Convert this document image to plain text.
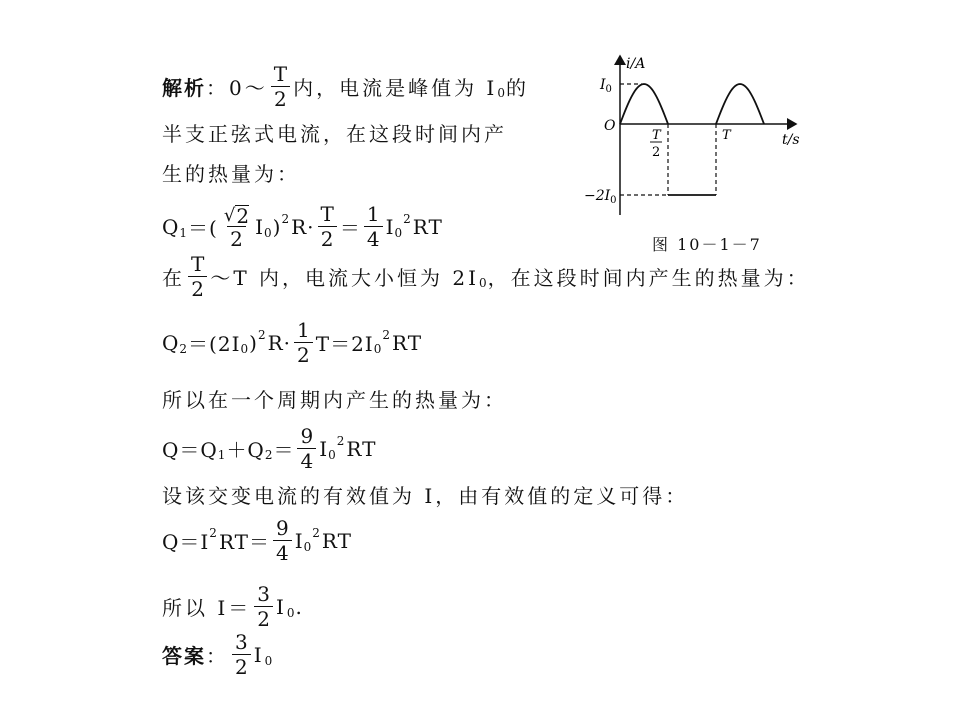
解析 ： 0～ $\frac{T}{2}$ 内，电流是峰值为 I 0 的
半支正弦式电流，在这段时间内产
生的热量为：
Q 1 ＝( $\frac{√ 2}{2}$ I 0 ) 2 $R\cdot \frac{T}{2} = \frac{1}{4}$ I 0
2 RT
在 $\frac{T}{2}$ ～T 内，电流大小恒为 2I 0 ，在这段时间内产生的热量为：
Q 2 ＝(2I 0 ) 2 $R\cdot \frac{1}{2} T=2I$ 0
2 RT
所以在一个周期内产生的热量为：
Q＝Q 1 ＋Q $2 = \frac{9}{4}$ I 0
2 RT
设该交变电流的有效值为 I，由有效值的定义可得：
Q＝I 2 $RT= \frac{9}{4}$ I 0
2 RT
所以 $I= \frac{3}{2}$ I 0 .
答案 ： $\frac{3}{2}$ I 0
i/A
t/s
O
$I_0$
$-2I_0$
T
2
T
图 10－1－7
